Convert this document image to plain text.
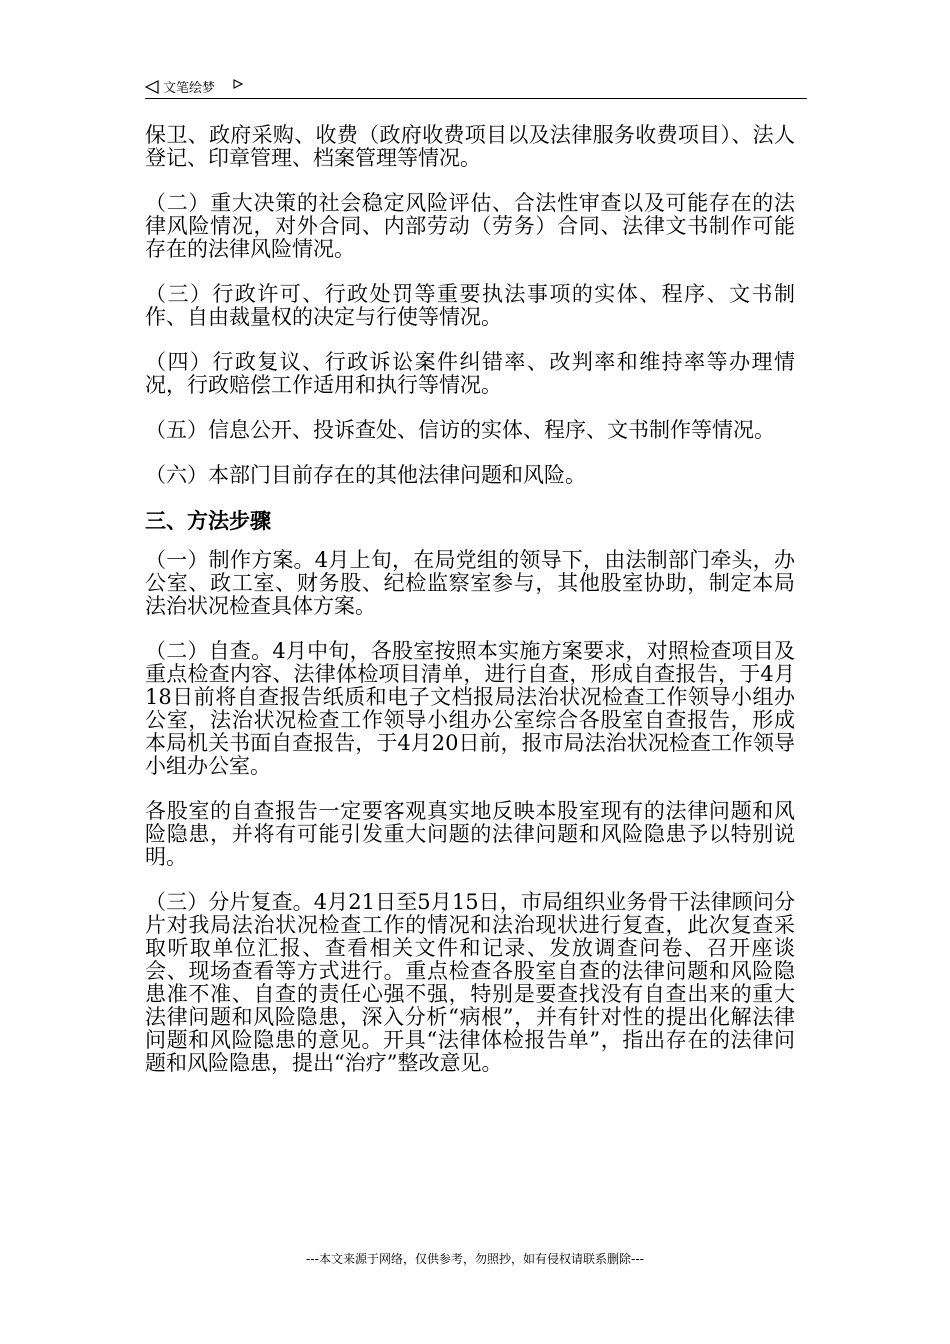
文笔绘梦

保卫、政府采购、收费（政府收费项目以及法律服务收费项目）、法人登记、印章管理、档案管理等情况。

（二）重大决策的社会稳定风险评估、合法性审查以及可能存在的法律风险情况，对外合同、内部劳动（劳务）合同、法律文书制作可能存在的法律风险情况。

（三）行政许可、行政处罚等重要执法事项的实体、程序、文书制作、自由裁量权的决定与行使等情况。

（四）行政复议、行政诉讼案件纠错率、改判率和维持率等办理情况，行政赔偿工作适用和执行等情况。

（五）信息公开、投诉查处、信访的实体、程序、文书制作等情况。

（六）本部门目前存在的其他法律问题和风险。

三、方法步骤

（一）制作方案。4月上旬，在局党组的领导下，由法制部门牵头，办公室、政工室、财务股、纪检监察室参与，其他股室协助，制定本局法治状况检查具体方案。

（二）自查。4月中旬，各股室按照本实施方案要求，对照检查项目及重点检查内容、法律体检项目清单，进行自查，形成自查报告，于4月18日前将自查报告纸质和电子文档报局法治状况检查工作领导小组办公室，法治状况检查工作领导小组办公室综合各股室自查报告，形成本局机关书面自查报告，于4月20日前，报市局法治状况检查工作领导小组办公室。

各股室的自查报告一定要客观真实地反映本股室现有的法律问题和风险隐患，并将有可能引发重大问题的法律问题和风险隐患予以特别说明。

（三）分片复查。4月21日至5月15日，市局组织业务骨干法律顾问分片对我局法治状况检查工作的情况和法治现状进行复查，此次复查采取听取单位汇报、查看相关文件和记录、发放调查问卷、召开座谈会、现场查看等方式进行。重点检查各股室自查的法律问题和风险隐患准不准、自查的责任心强不强，特别是要查找没有自查出来的重大法律问题和风险隐患，深入分析“病根”，并有针对性的提出化解法律问题和风险隐患的意见。开具“法律体检报告单”，指出存在的法律问题和风险隐患，提出“治疗”整改意见。

---本文来源于网络，仅供参考，勿照抄，如有侵权请联系删除---
